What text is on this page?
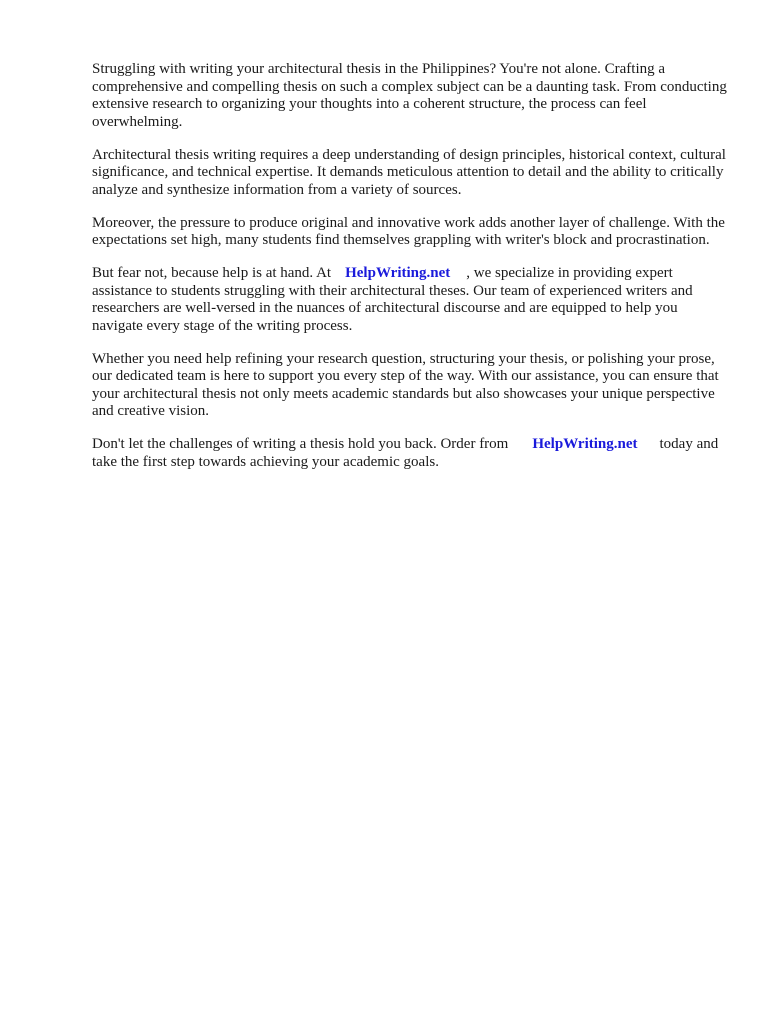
Struggling with writing your architectural thesis in the Philippines? You're not alone. Crafting a comprehensive and compelling thesis on such a complex subject can be a daunting task. From conducting extensive research to organizing your thoughts into a coherent structure, the process can feel overwhelming.

Architectural thesis writing requires a deep understanding of design principles, historical context, cultural significance, and technical expertise. It demands meticulous attention to detail and the ability to critically analyze and synthesize information from a variety of sources.

Moreover, the pressure to produce original and innovative work adds another layer of challenge. With the expectations set high, many students find themselves grappling with writer's block and procrastination.

But fear not, because help is at hand. At HelpWriting.net , we specialize in providing expert assistance to students struggling with their architectural theses. Our team of experienced writers and researchers are well-versed in the nuances of architectural discourse and are equipped to help you navigate every stage of the writing process.

Whether you need help refining your research question, structuring your thesis, or polishing your prose, our dedicated team is here to support you every step of the way. With our assistance, you can ensure that your architectural thesis not only meets academic standards but also showcases your unique perspective and creative vision.

Don't let the challenges of writing a thesis hold you back. Order from HelpWriting.net today and take the first step towards achieving your academic goals.
